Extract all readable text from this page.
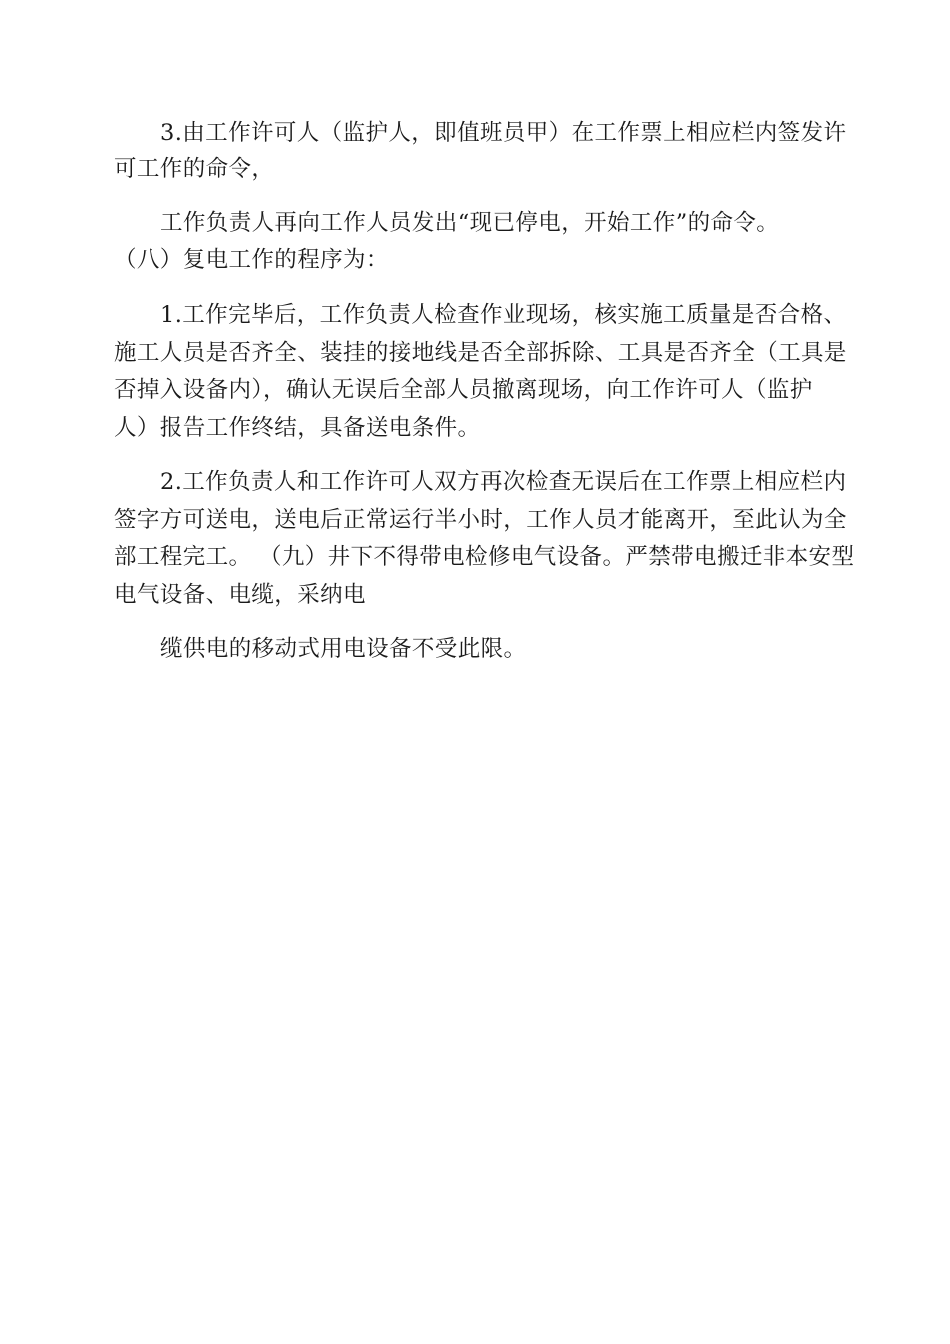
3.由工作许可人（监护人，即值班员甲）在工作票上相应栏内签发许
可工作的命令，
工作负责人再向工作人员发出“现已停电，开始工作”的命令。
（八）复电工作的程序为：
1.工作完毕后，工作负责人检查作业现场，核实施工质量是否合格、
施工人员是否齐全、装挂的接地线是否全部拆除、工具是否齐全（工具是
否掉入设备内），确认无误后全部人员撤离现场，向工作许可人（监护
人）报告工作终结，具备送电条件。
2.工作负责人和工作许可人双方再次检查无误后在工作票上相应栏内
签字方可送电，送电后正常运行半小时，工作人员才能离开，至此认为全
部工程完工。 （九）井下不得带电检修电气设备。严禁带电搬迁非本安型
电气设备、电缆，采纳电
缆供电的移动式用电设备不受此限。
